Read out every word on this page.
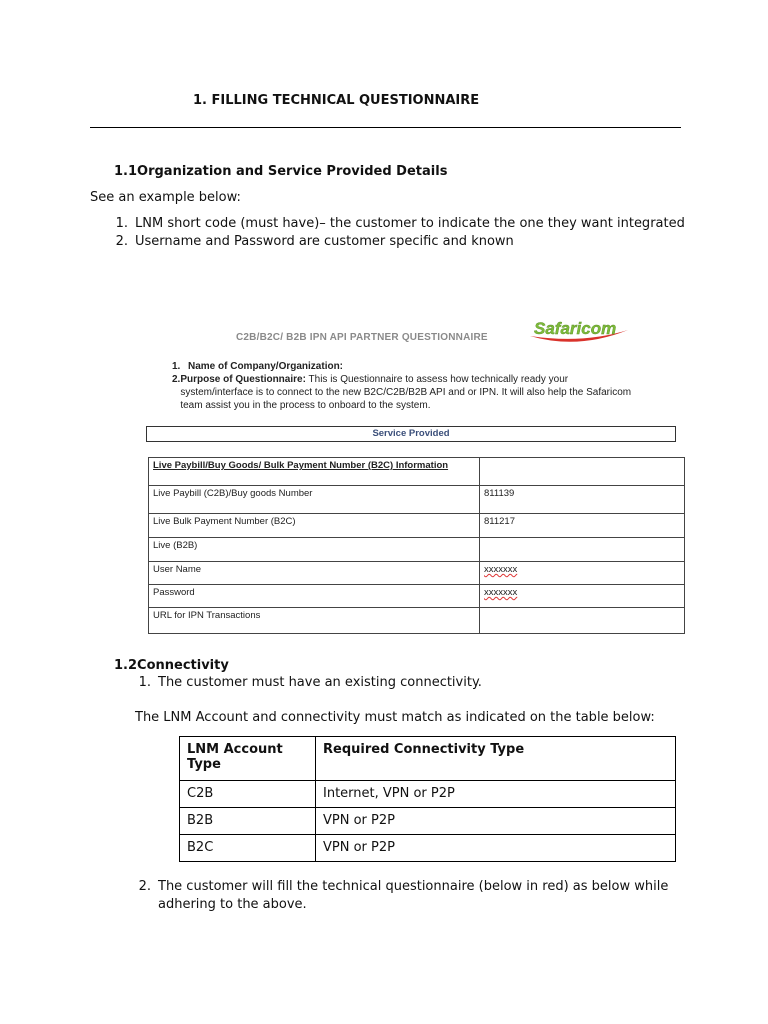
1. FILLING TECHNICAL QUESTIONNAIRE
1.1Organization and Service Provided Details
See an example below:
1. LNM short code (must have)– the customer to indicate the one they want integrated
2. Username and Password are customer specific and known
C2B/B2C/ B2B IPN API PARTNER QUESTIONNAIRE	Safaricom
1. Name of Company/Organization:
2. Purpose of Questionnaire: This is Questionnaire to assess how technically ready your system/interface is to connect to the new B2C/C2B/B2B API and or IPN. It will also help the Safaricom team assist you in the process to onboard to the system.
Service Provided
Live Paybill/Buy Goods/ Bulk Payment Number (B2C) Information	
Live Paybill (C2B)/Buy goods Number	811139
Live Bulk Payment Number (B2C)	811217
Live (B2B)	
User Name	xxxxxxx
Password	xxxxxxx
URL for IPN Transactions	
1.2Connectivity
1. The customer must have an existing connectivity.
The LNM Account and connectivity must match as indicated on the table below:
LNM Account Type	Required Connectivity Type
C2B	Internet, VPN or P2P
B2B	VPN or P2P
B2C	VPN or P2P
2. The customer will fill the technical questionnaire (below in red) as below while
adhering to the above.
